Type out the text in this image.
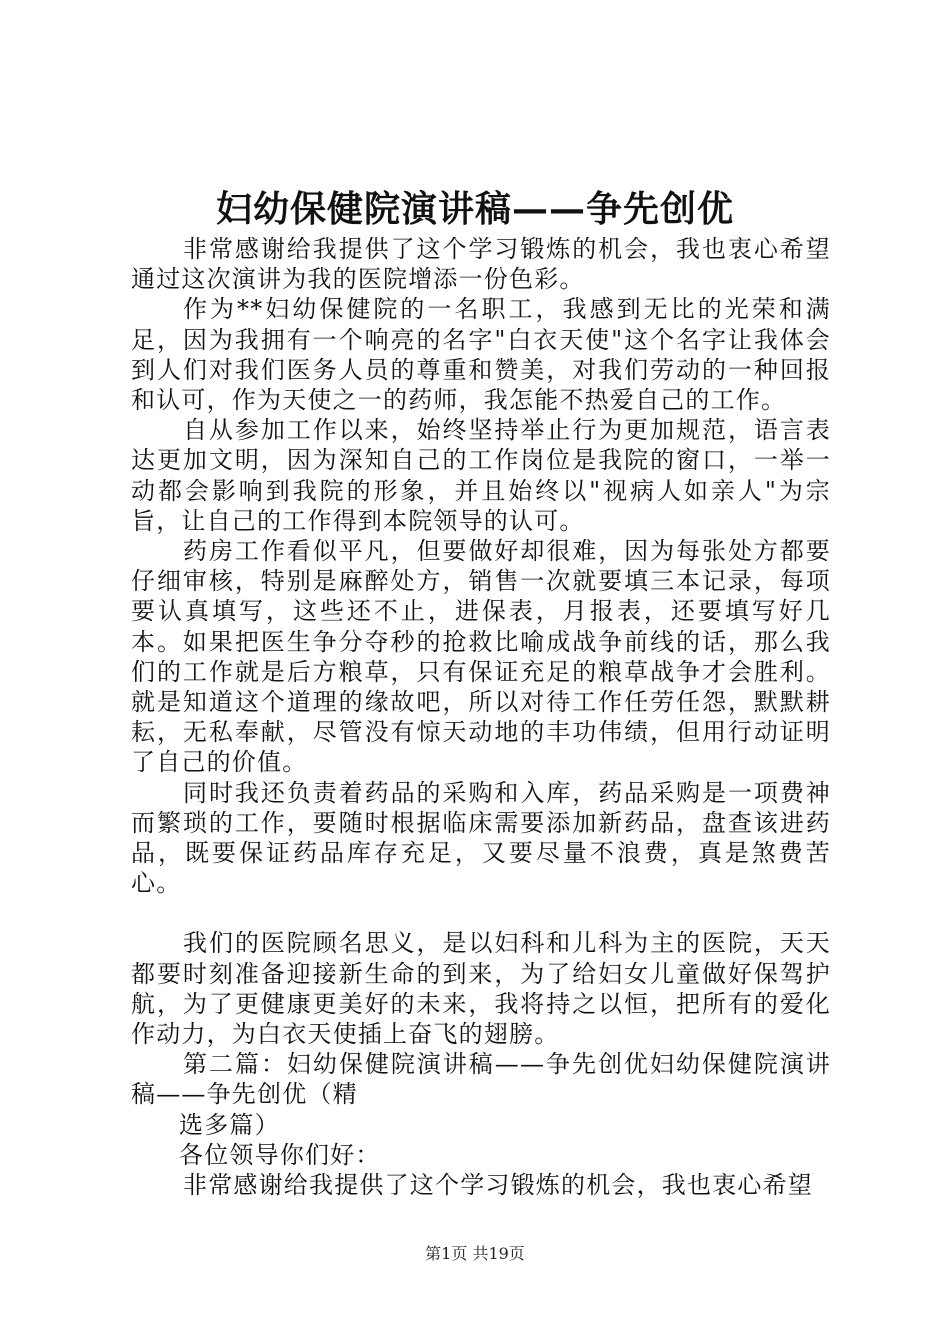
妇幼保健院演讲稿——争先创优

非常感谢给我提供了这个学习锻炼的机会，我也衷心希望通过这次演讲为我的医院增添一份色彩。

作为**妇幼保健院的一名职工，我感到无比的光荣和满足，因为我拥有一个响亮的名字"白衣天使"这个名字让我体会到人们对我们医务人员的尊重和赞美，对我们劳动的一种回报和认可，作为天使之一的药师，我怎能不热爱自己的工作。

自从参加工作以来，始终坚持举止行为更加规范，语言表达更加文明，因为深知自己的工作岗位是我院的窗口，一举一动都会影响到我院的形象，并且始终以"视病人如亲人"为宗旨，让自己的工作得到本院领导的认可。

药房工作看似平凡，但要做好却很难，因为每张处方都要仔细审核，特别是麻醉处方，销售一次就要填三本记录，每项要认真填写，这些还不止，进保表，月报表，还要填写好几本。如果把医生争分夺秒的抢救比喻成战争前线的话，那么我们的工作就是后方粮草，只有保证充足的粮草战争才会胜利。就是知道这个道理的缘故吧，所以对待工作任劳任怨，默默耕耘，无私奉献，尽管没有惊天动地的丰功伟绩，但用行动证明了自己的价值。

同时我还负责着药品的采购和入库，药品采购是一项费神而繁琐的工作，要随时根据临床需要添加新药品，盘查该进药品，既要保证药品库存充足，又要尽量不浪费，真是煞费苦心。

我们的医院顾名思义，是以妇科和儿科为主的医院，天天都要时刻准备迎接新生命的到来，为了给妇女儿童做好保驾护航，为了更健康更美好的未来，我将持之以恒，把所有的爱化作动力，为白衣天使插上奋飞的翅膀。

第二篇：妇幼保健院演讲稿——争先创优妇幼保健院演讲稿——争先创优（精

选多篇）

各位领导你们好：

非常感谢给我提供了这个学习锻炼的机会，我也衷心希望

第1页 共19页
